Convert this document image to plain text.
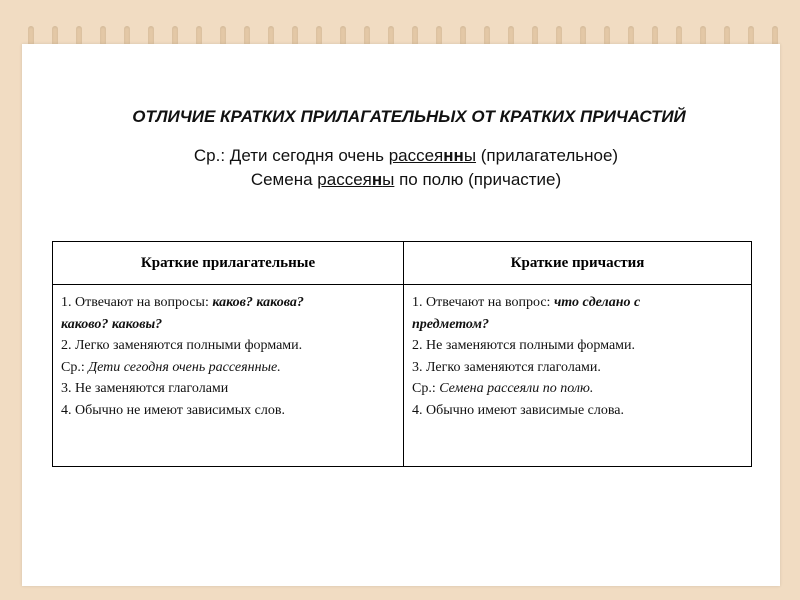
ОТЛИЧИЕ КРАТКИХ ПРИЛАГАТЕЛЬНЫХ ОТ КРАТКИХ ПРИЧАСТИЙ
Ср.: Дети сегодня очень рассеянны (прилагательное)
Семена рассеяны по полю (причастие)
Краткие прилагательные	Краткие причастия
1. Отвечают на вопросы: каков? какова?
каково? каковы?
2. Легко заменяются полными формами.
Ср.: Дети сегодня очень рассеянные.
3. Не заменяются глаголами
4. Обычно не имеют зависимых слов.
1. Отвечают на вопрос: что сделано с
предметом?
2. Не заменяются полными формами.
3. Легко заменяются глаголами.
Ср.: Семена рассеяли по полю.
4. Обычно имеют зависимые слова.
